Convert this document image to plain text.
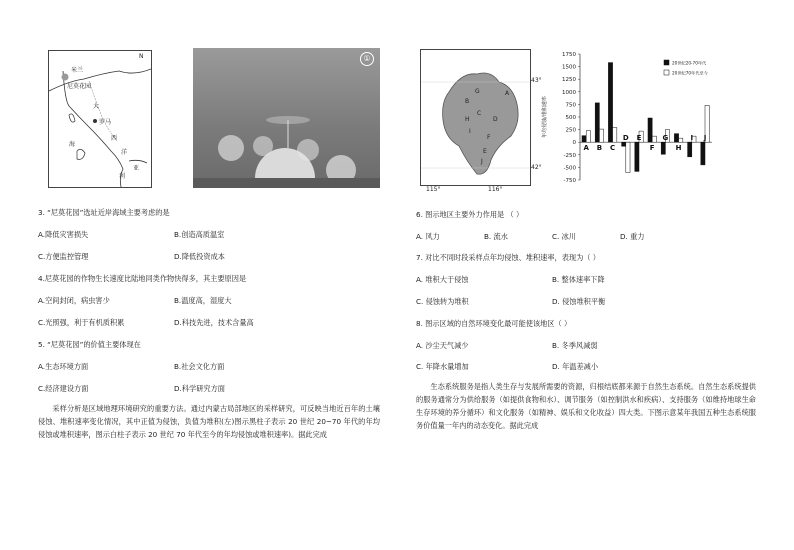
米兰
尼莫花园
罗马
大
西
洋
海
利
亚
N	①
A
B
C
D
E
F
G
H
I
J
43°
42°
115°	116°
1750
1500
1250
1000
750
500
250
0
-250
-500
-750
年均侵蚀/堆积速率
A B C
D E
F
G
H
I J
20世纪20-70年代
20世纪70年代至今
3. “尼莫花园”选址近岸海域主要考虑的是
A.降低灾害损失	B.创造高质温室
C.方便监控管理	D.降低投资成本
4.尼莫花园的作物生长速度比陆地同类作物快得多，其主要原因是
A.空间封闭，病虫害少	B.温度高，湿度大
C.光照强，利于有机质积累	D.科技先进，技术含量高
5. “尼莫花园”的价值主要体现在
A.生态环境方面	B.社会文化方面
C.经济建设方面	D.科学研究方面
采样分析是区域地理环境研究的重要方法。通过内蒙古局部地区的采样研究，可反映当地近百年的土壤侵蚀、堆积速率变化情况，其中正值为侵蚀，负值为堆积(左)图示黑柱子表示 20 世纪 20~70 年代的年均侵蚀或堆积速率，图示白柱子表示 20 世纪 70 年代至今的年均侵蚀或堆积速率)。据此完成
6. 图示地区主要外力作用是 （ ）
A. 风力	B. 流水	C. 冰川	D. 重力
7. 对比不同时段采样点年均侵蚀、堆积速率，表现为（ ）
A. 堆积大于侵蚀	B. 整体速率下降
C. 侵蚀转为堆积	D. 侵蚀堆积平衡
8. 图示区域的自然环境变化最可能使该地区（ ）
A. 沙尘天气减少	B. 冬季风减弱
C. 年降水量增加	D. 年温差减小
生态系统服务是指人类生存与发展所需要的资源，归根结底都来源于自然生态系统。自然生态系统提供的服务通常分为供给服务（如提供食物和水）、调节服务（如控制洪水和疾病）、支持服务（如维持地球生命生存环境的养分循环）和文化服务（如精神、娱乐和文化收益）四大类。下图示意某年我国五种生态系统服务价值量一年内的动态变化。据此完成
